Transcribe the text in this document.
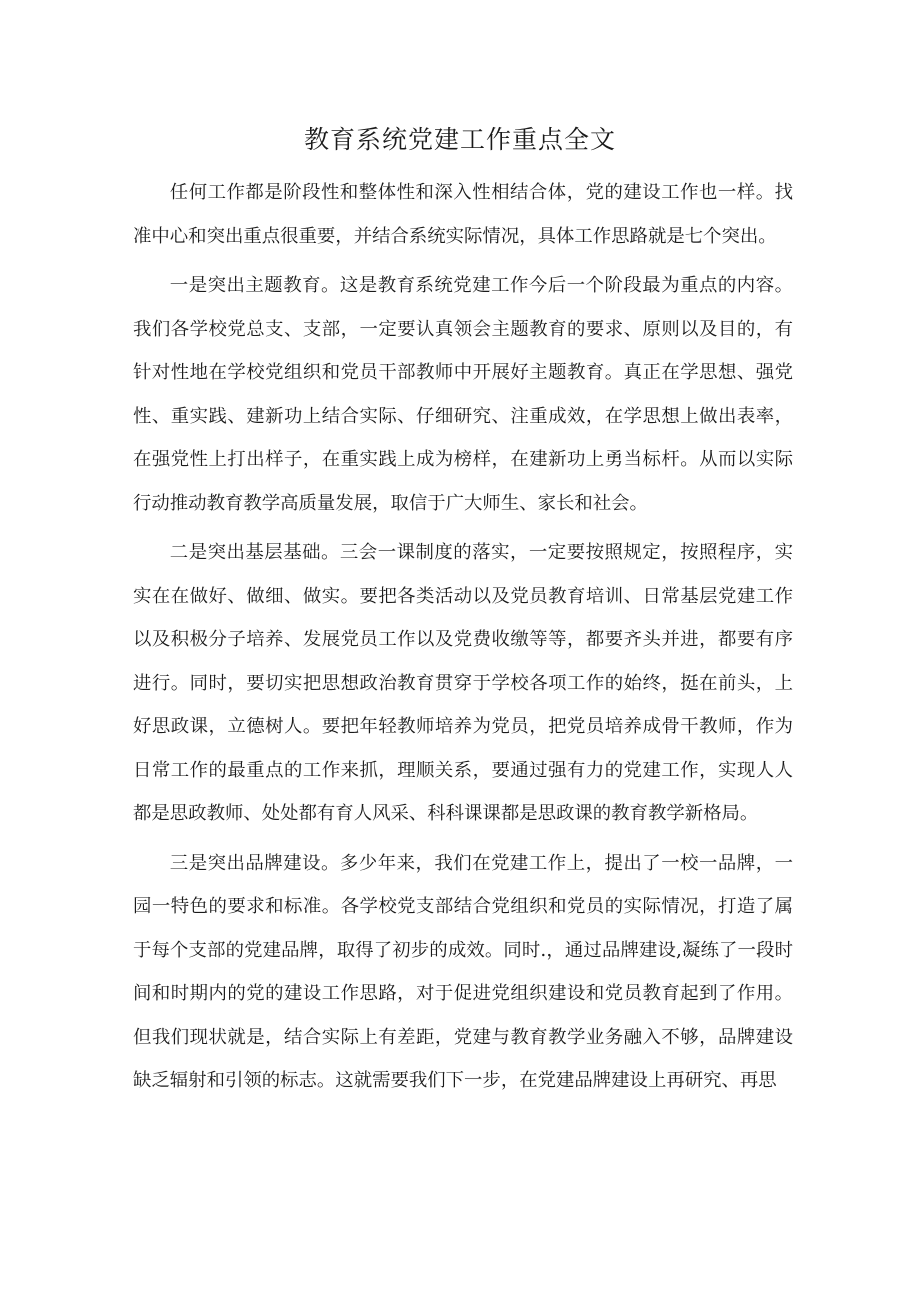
教育系统党建工作重点全文

任何工作都是阶段性和整体性和深入性相结合体，党的建设工作也一样。找准中心和突出重点很重要，并结合系统实际情况，具体工作思路就是七个突出。

一是突出主题教育。这是教育系统党建工作今后一个阶段最为重点的内容。我们各学校党总支、支部，一定要认真领会主题教育的要求、原则以及目的，有针对性地在学校党组织和党员干部教师中开展好主题教育。真正在学思想、强党性、重实践、建新功上结合实际、仔细研究、注重成效，在学思想上做出表率，在强党性上打出样子，在重实践上成为榜样，在建新功上勇当标杆。从而以实际行动推动教育教学高质量发展，取信于广大师生、家长和社会。

二是突出基层基础。三会一课制度的落实，一定要按照规定，按照程序，实实在在做好、做细、做实。要把各类活动以及党员教育培训、日常基层党建工作以及积极分子培养、发展党员工作以及党费收缴等等，都要齐头并进，都要有序进行。同时，要切实把思想政治教育贯穿于学校各项工作的始终，挺在前头，上好思政课，立德树人。要把年轻教师培养为党员，把党员培养成骨干教师，作为日常工作的最重点的工作来抓，理顺关系，要通过强有力的党建工作，实现人人都是思政教师、处处都有育人风采、科科课课都是思政课的教育教学新格局。

三是突出品牌建设。多少年来，我们在党建工作上，提出了一校一品牌，一园一特色的要求和标准。各学校党支部结合党组织和党员的实际情况，打造了属于每个支部的党建品牌，取得了初步的成效。同时.，通过品牌建设,凝练了一段时间和时期内的党的建设工作思路，对于促进党组织建设和党员教育起到了作用。但我们现状就是，结合实际上有差距，党建与教育教学业务融入不够，品牌建设缺乏辐射和引领的标志。这就需要我们下一步，在党建品牌建设上再研究、再思
